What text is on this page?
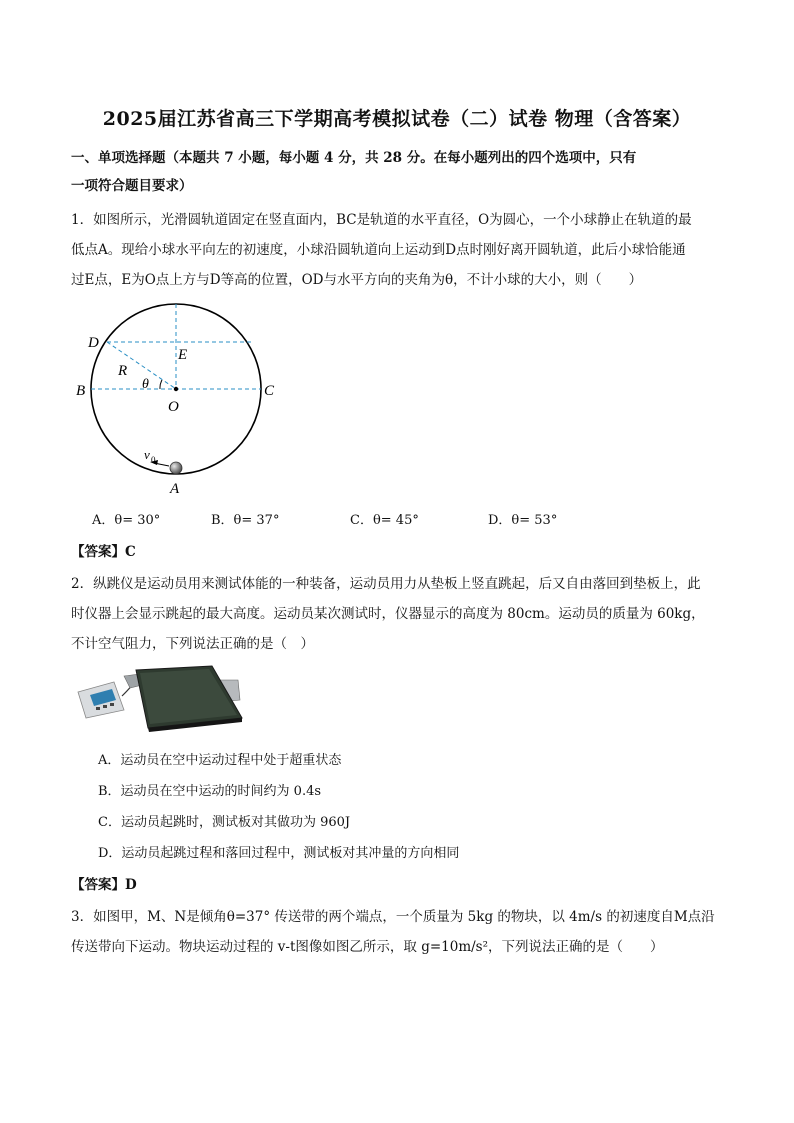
2025届江苏省高三下学期高考模拟试卷（二）试卷 物理（含答案）
一、单项选择题（本题共 7 小题，每小题 4 分，共 28 分。在每小题列出的四个选项中，只有
一项符合题目要求）
1．如图所示，光滑圆轨道固定在竖直面内，BC是轨道的水平直径，O为圆心，一个小球静止在轨道的最
低点A。现给小球水平向左的初速度，小球沿圆轨道向上运动到D点时刚好离开圆轨道，此后小球恰能通
过E点，E为O点上方与D等高的位置，OD与水平方向的夹角为θ，不计小球的大小，则（　　）
D
E
R
θ
B
O
C
A
v 0
A．θ= 30°	B．θ= 37°	C．θ= 45°	D．θ= 53°
【答案】C
2．纵跳仪是运动员用来测试体能的一种装备，运动员用力从垫板上竖直跳起，后又自由落回到垫板上，此
时仪器上会显示跳起的最大高度。运动员某次测试时，仪器显示的高度为 80cm。运动员的质量为 60kg，
不计空气阻力，下列说法正确的是（　）
A．运动员在空中运动过程中处于超重状态
B．运动员在空中运动的时间约为 0.4s
C．运动员起跳时，测试板对其做功为 960J
D．运动员起跳过程和落回过程中，测试板对其冲量的方向相同
【答案】D
3．如图甲，M、N是倾角θ=37° 传送带的两个端点，一个质量为 5kg 的物块，以 4m/s 的初速度自M点沿
传送带向下运动。物块运动过程的 v-t图像如图乙所示，取 g=10m/s²，下列说法正确的是（　　）
